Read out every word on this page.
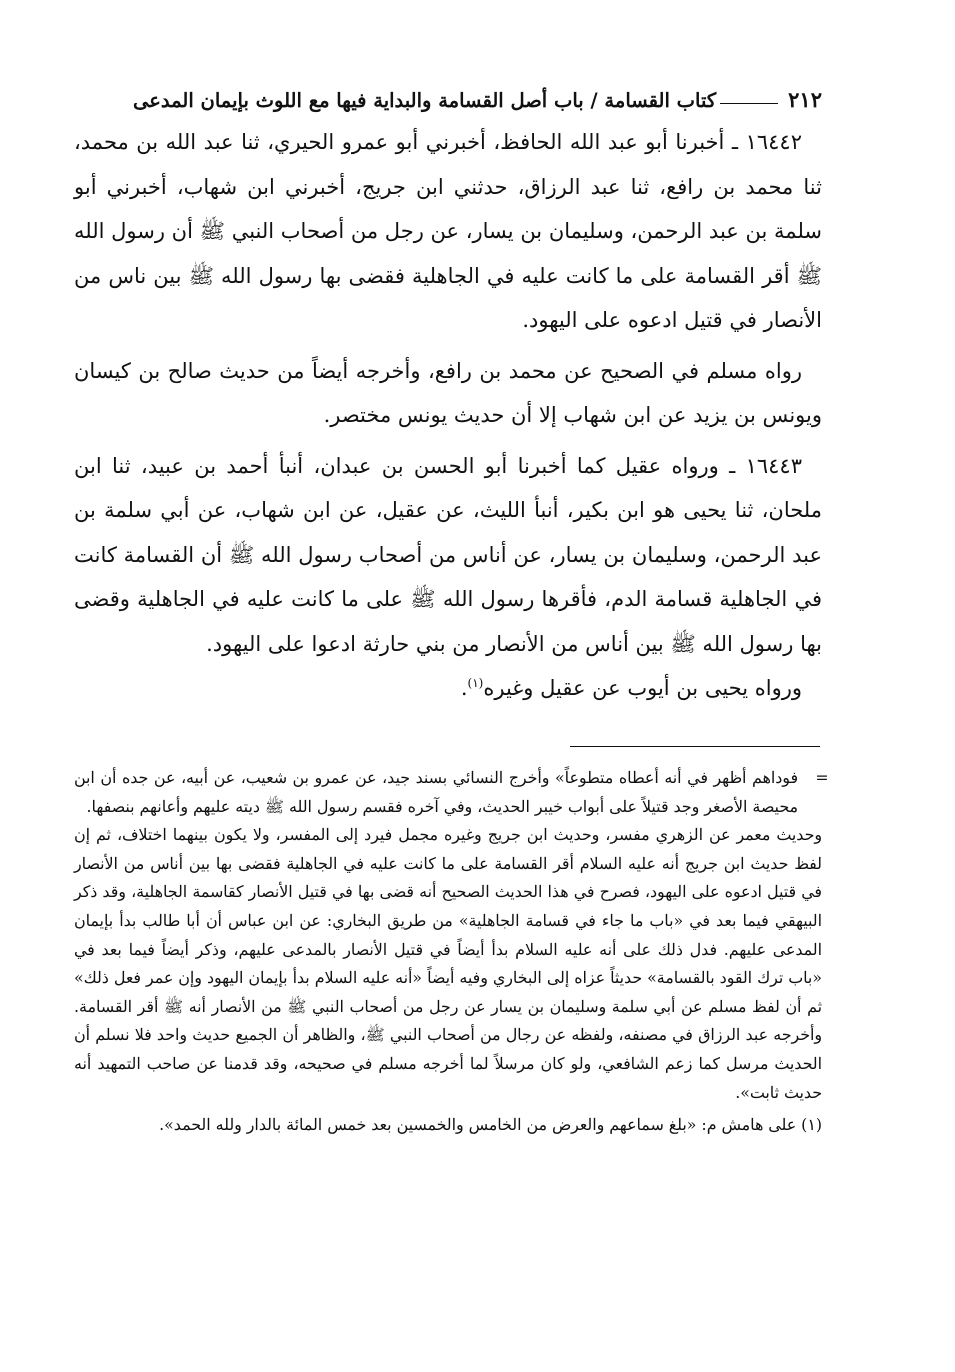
٢١٢
كتاب القسامة / باب أصل القسامة والبداية فيها مع اللوث بإيمان المدعى

١٦٤٤٢ ـ أخبرنا أبو عبد الله الحافظ، أخبرني أبو عمرو الحيري، ثنا عبد الله بن محمد، ثنا محمد بن رافع، ثنا عبد الرزاق، حدثني ابن جريج، أخبرني ابن شهاب، أخبرني أبو سلمة بن عبد الرحمن، وسليمان بن يسار، عن رجل من أصحاب النبي ﷺ أن رسول الله ﷺ أقر القسامة على ما كانت عليه في الجاهلية فقضى بها رسول الله ﷺ بين ناس من الأنصار في قتيل ادعوه على اليهود.

رواه مسلم في الصحيح عن محمد بن رافع، وأخرجه أيضاً من حديث صالح بن كيسان ويونس بن يزيد عن ابن شهاب إلا أن حديث يونس مختصر.

١٦٤٤٣ ـ ورواه عقيل كما أخبرنا أبو الحسن بن عبدان، أنبأ أحمد بن عبيد، ثنا ابن ملحان، ثنا يحيى هو ابن بكير، أنبأ الليث، عن عقيل، عن ابن شهاب، عن أبي سلمة بن عبد الرحمن، وسليمان بن يسار، عن أناس من أصحاب رسول الله ﷺ أن القسامة كانت في الجاهلية قسامة الدم، فأقرها رسول الله ﷺ على ما كانت عليه في الجاهلية وقضى بها رسول الله ﷺ بين أناس من الأنصار من بني حارثة ادعوا على اليهود.

ورواه يحيى بن أيوب عن عقيل وغيره$^{(١)}$.

=فوداهم أظهر في أنه أعطاه متطوعاً» وأخرج النسائي بسند جيد، عن عمرو بن شعيب، عن أبيه، عن جده أن ابن محيصة الأصغر وجد قتيلاً على أبواب خيبر الحديث، وفي آخره فقسم رسول الله ﷺ ديته عليهم وأعانهم بنصفها.

وحديث معمر عن الزهري مفسر، وحديث ابن جريج وغيره مجمل فيرد إلى المفسر، ولا يكون بينهما اختلاف، ثم إن لفظ حديث ابن جريج أنه عليه السلام أقر القسامة على ما كانت عليه في الجاهلية فقضى بها بين أناس من الأنصار في قتيل ادعوه على اليهود، فصرح في هذا الحديث الصحيح أنه قضى بها في قتيل الأنصار كقاسمة الجاهلية، وقد ذكر البيهقي فيما بعد في «باب ما جاء في قسامة الجاهلية» من طريق البخاري: عن ابن عباس أن أبا طالب بدأ بإيمان المدعى عليهم. فدل ذلك على أنه عليه السلام بدأ أيضاً في قتيل الأنصار بالمدعى عليهم، وذكر أيضاً فيما بعد في «باب ترك القود بالقسامة» حديثاً عزاه إلى البخاري وفيه أيضاً «أنه عليه السلام بدأ بإيمان اليهود وإن عمر فعل ذلك» ثم أن لفظ مسلم عن أبي سلمة وسليمان بن يسار عن رجل من أصحاب النبي ﷺ من الأنصار أنه ﷺ أقر القسامة. وأخرجه عبد الرزاق في مصنفه، ولفظه عن رجال من أصحاب النبي ﷺ، والظاهر أن الجميع حديث واحد فلا نسلم أن الحديث مرسل كما زعم الشافعي، ولو كان مرسلاً لما أخرجه مسلم في صحيحه، وقد قدمنا عن صاحب التمهيد أنه حديث ثابت».

(١) على هامش م: «بلغ سماعهم والعرض من الخامس والخمسين بعد خمس المائة بالدار ولله الحمد».
